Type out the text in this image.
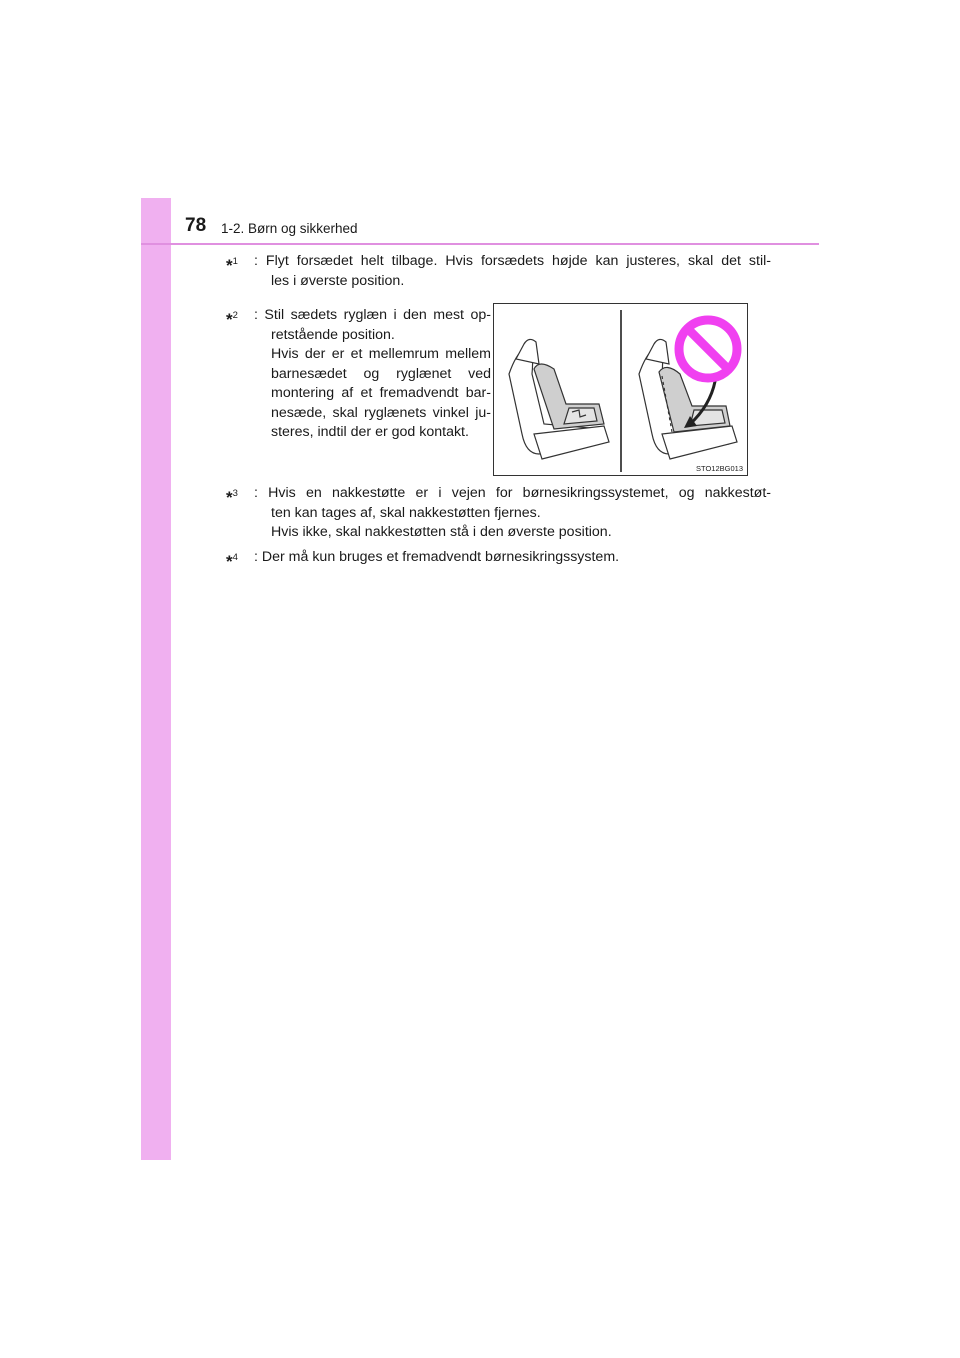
78 1-2. Børn og sikkerhed
*$^1$ : Flyt forsædet helt tilbage. Hvis forsædets højde kan justeres, skal det stil-

les i øverste position.

*$^2$ : Stil sædets ryglæn i den mest op-

retstående position.

Hvis der er et mellemrum mellem

barnesædet og ryglænet ved

montering af et fremadvendt bar-

nesæde, skal ryglænets vinkel ju-

steres, indtil der er god kontakt.

STO12BG013
*$^3$ : Hvis en nakkestøtte er i vejen for børnesikringssystemet, og nakkestøt-

ten kan tages af, skal nakkestøtten fjernes.

Hvis ikke, skal nakkestøtten stå i den øverste position.

*$^4$ : Der må kun bruges et fremadvendt børnesikringssystem.
